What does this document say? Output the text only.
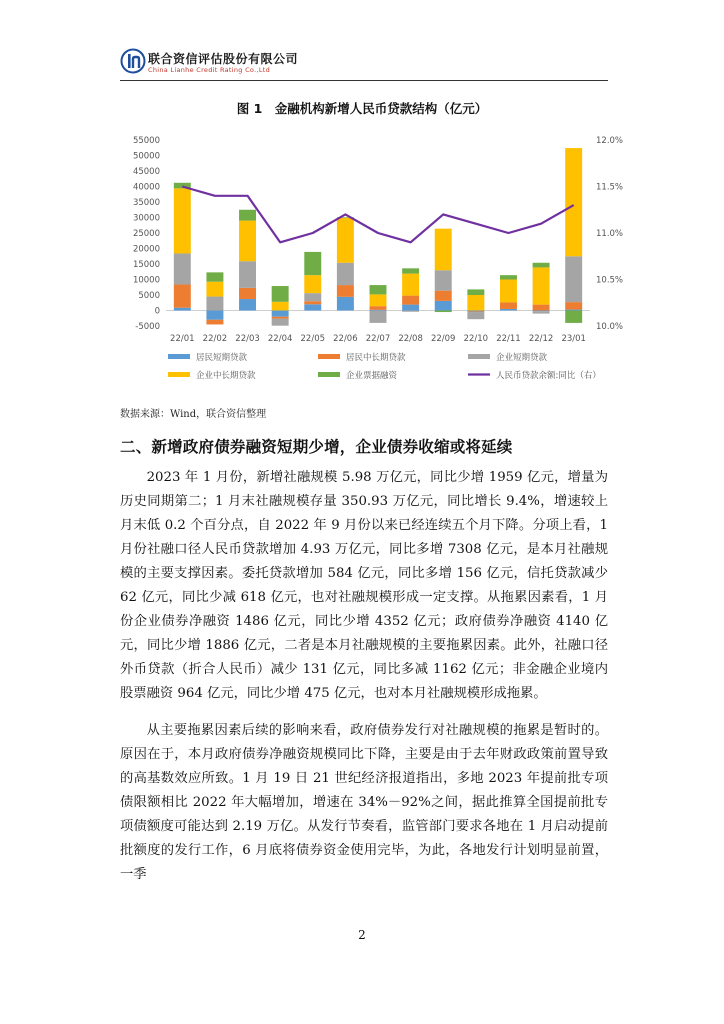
联合资信评估股份有限公司
China Lianhe Credit Rating Co.,Ltd
图 1　金融机构新增人民币贷款结构（亿元）
-5000
0
5000
10000
15000
20000
25000
30000
35000
40000
45000
50000
55000
10.0%
10.5%
11.0%
11.5%
12.0%
22/01 22/02 22/03 22/04 22/05 22/06 22/07 22/08 22/09 22/10 22/11 22/12 23/01
居民短期贷款	居民中长期贷款	企业短期贷款
企业中长期贷款	企业票据融资	人民币贷款余额:同比（右）
数据来源：Wind，联合资信整理
二、新增政府债券融资短期少增，企业债券收缩或将延续

2023 年 1 月份，新增社融规模 5.98 万亿元，同比少增 1959 亿元，增量为历史同期第二；1 月末社融规模存量 350.93 万亿元，同比增长 9.4%，增速较上月末低 0.2 个百分点，自 2022 年 9 月份以来已经连续五个月下降。分项上看，1 月份社融口径人民币贷款增加 4.93 万亿元，同比多增 7308 亿元，是本月社融规模的主要支撑因素。委托贷款增加 584 亿元，同比多增 156 亿元，信托贷款减少 62 亿元，同比少减 618 亿元，也对社融规模形成一定支撑。从拖累因素看，1 月份企业债券净融资 1486 亿元，同比少增 4352 亿元；政府债券净融资 4140 亿元，同比少增 1886 亿元，二者是本月社融规模的主要拖累因素。此外，社融口径外币贷款（折合人民币）减少 131 亿元，同比多减 1162 亿元；非金融企业境内股票融资 964 亿元，同比少增 475 亿元，也对本月社融规模形成拖累。

从主要拖累因素后续的影响来看，政府债券发行对社融规模的拖累是暂时的。原因在于，本月政府债券净融资规模同比下降，主要是由于去年财政政策前置导致的高基数效应所致。1 月 19 日 21 世纪经济报道指出，多地 2023 年提前批专项债限额相比 2022 年大幅增加，增速在 34%－92%之间，据此推算全国提前批专项债额度可能达到 2.19 万亿。从发行节奏看，监管部门要求各地在 1 月启动提前批额度的发行工作，6 月底将债券资金使用完毕，为此，各地发行计划明显前置，一季

2
